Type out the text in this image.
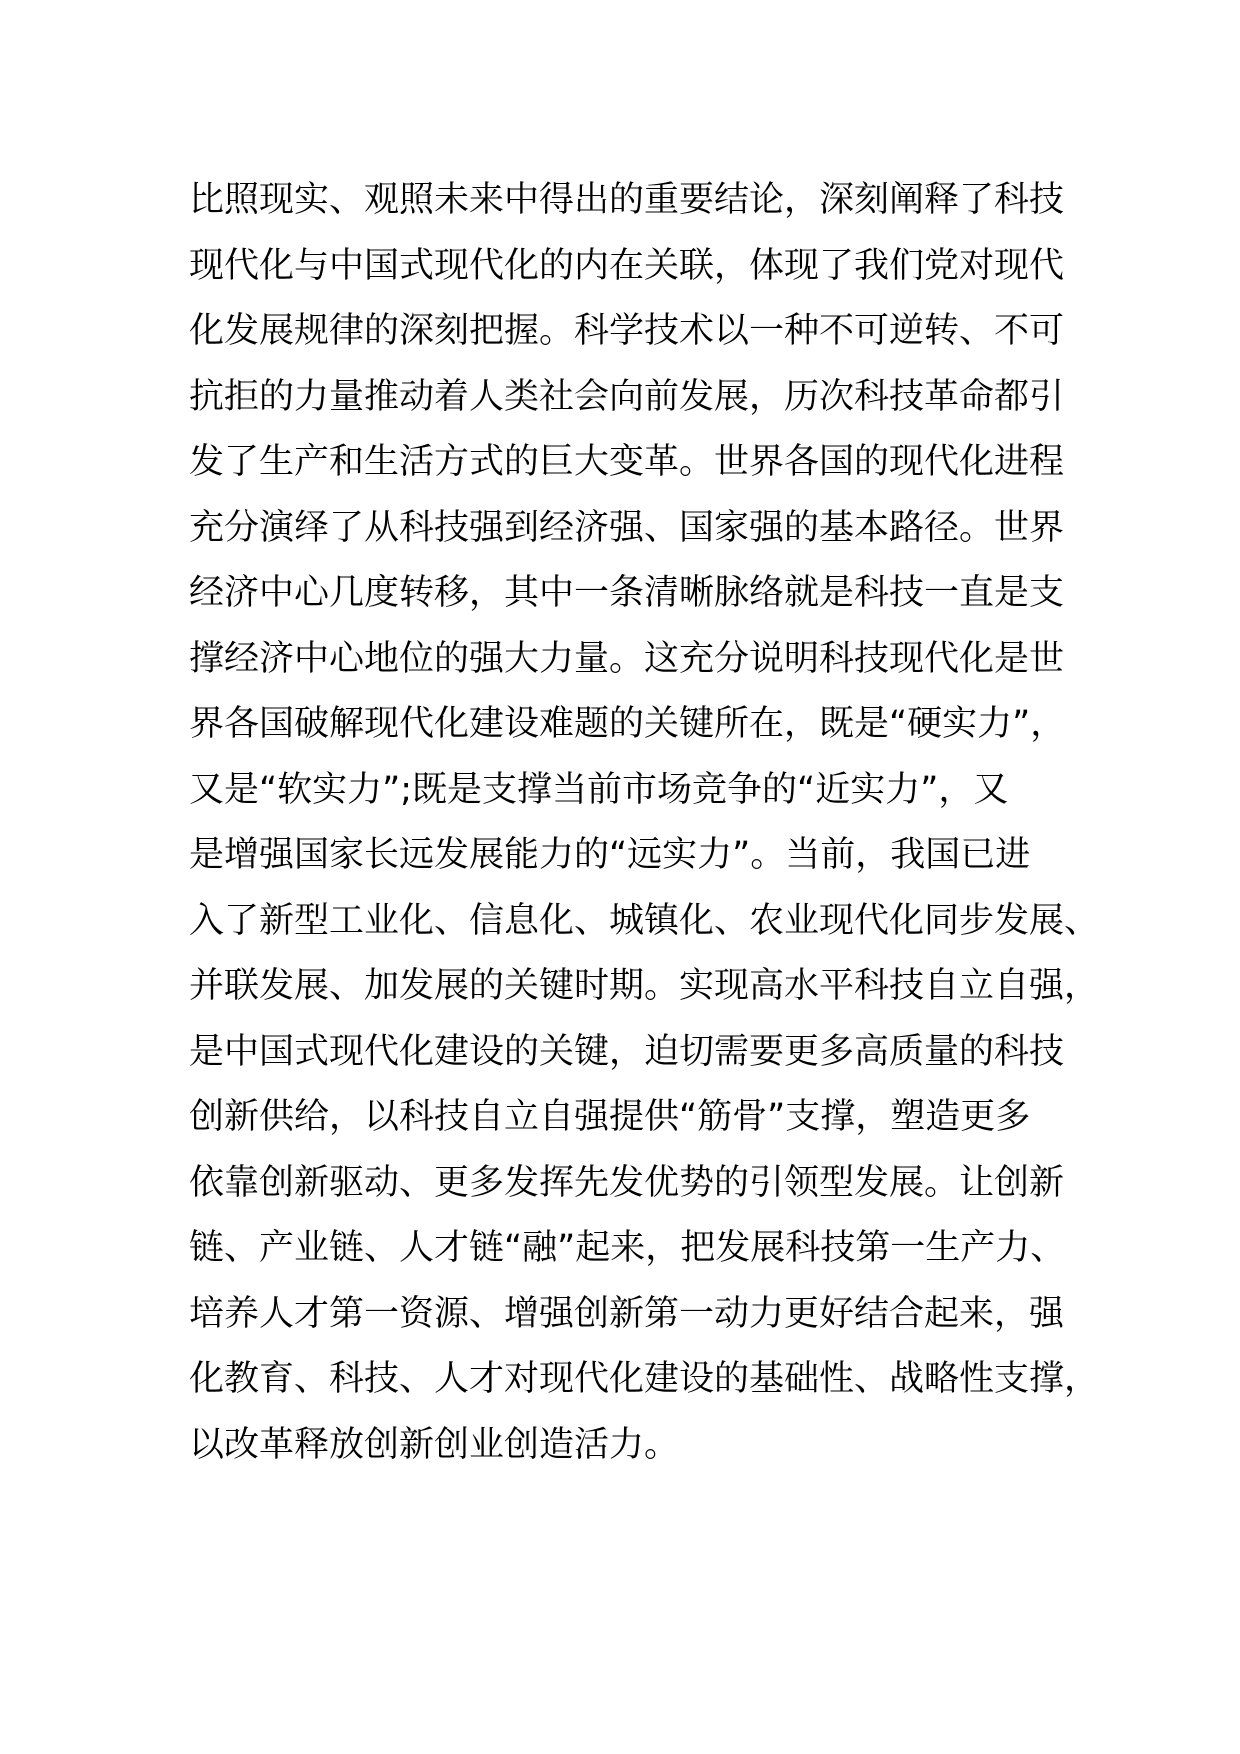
比照现实、观照未来中得出的重要结论，深刻阐释了科技
现代化与中国式现代化的内在关联，体现了我们党对现代
化发展规律的深刻把握。科学技术以一种不可逆转、不可
抗拒的力量推动着人类社会向前发展，历次科技革命都引
发了生产和生活方式的巨大变革。世界各国的现代化进程
充分演绎了从科技强到经济强、国家强的基本路径。世界
经济中心几度转移，其中一条清晰脉络就是科技一直是支
撑经济中心地位的强大力量。这充分说明科技现代化是世
界各国破解现代化建设难题的关键所在，既是“硬实力”，
又是“软实力”;既是支撑当前市场竞争的“近实力”，又
是增强国家长远发展能力的“远实力”。当前，我国已进
入了新型工业化、信息化、城镇化、农业现代化同步发展、
并联发展、加发展的关键时期。实现高水平科技自立自强，
是中国式现代化建设的关键，迫切需要更多高质量的科技
创新供给，以科技自立自强提供“筋骨”支撑，塑造更多
依靠创新驱动、更多发挥先发优势的引领型发展。让创新
链、产业链、人才链“融”起来，把发展科技第一生产力、
培养人才第一资源、增强创新第一动力更好结合起来，强
化教育、科技、人才对现代化建设的基础性、战略性支撑，
以改革释放创新创业创造活力。
